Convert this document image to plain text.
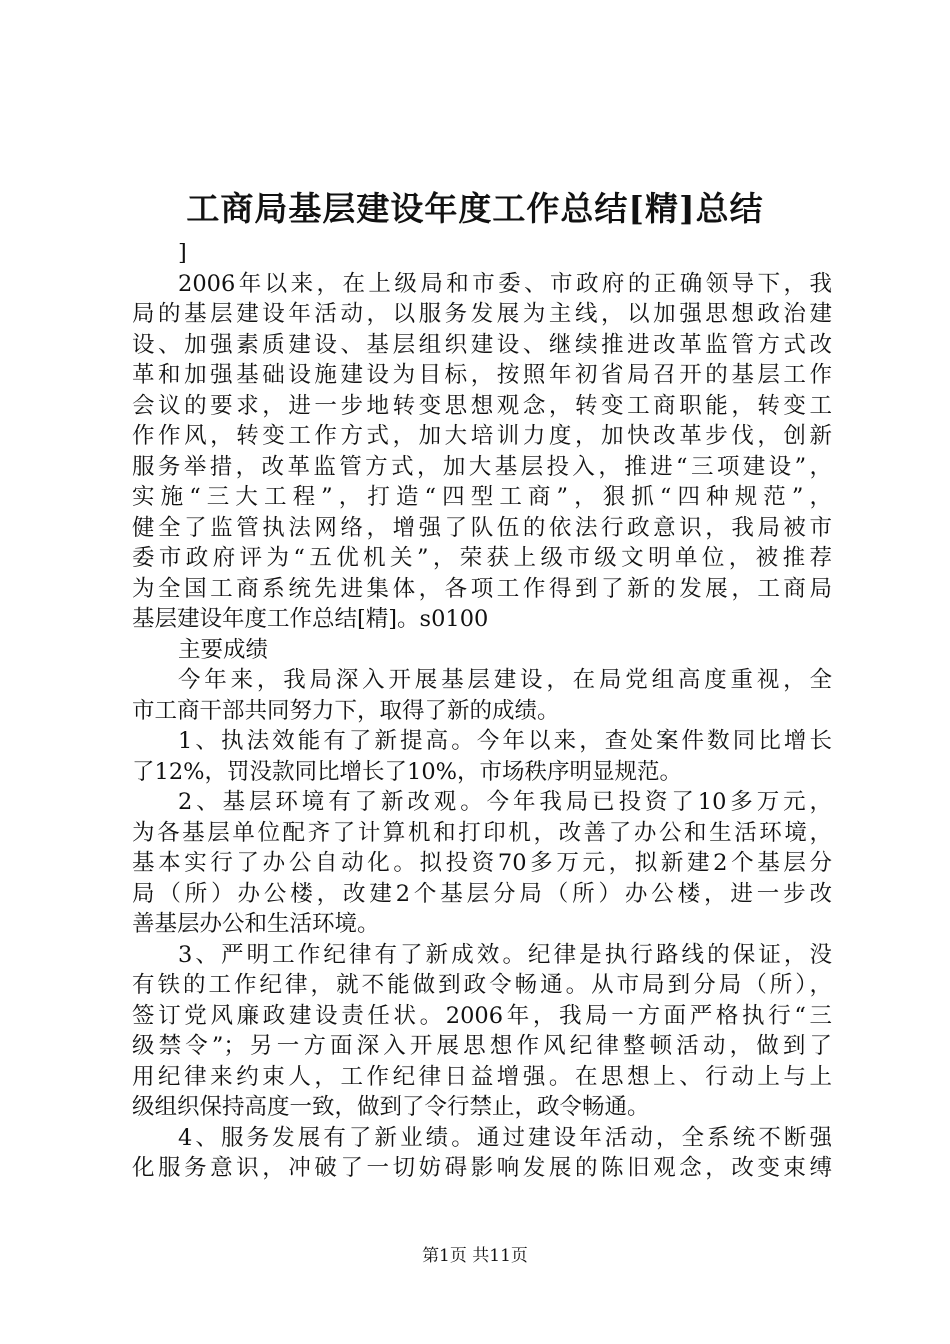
工商局基层建设年度工作总结[精]总结
]
2006年以来，在上级局和市委、市政府的正确领导下，我
局的基层建设年活动，以服务发展为主线，以加强思想政治建
设、加强素质建设、基层组织建设、继续推进改革监管方式改
革和加强基础设施建设为目标，按照年初省局召开的基层工作
会议的要求，进一步地转变思想观念，转变工商职能，转变工
作作风，转变工作方式，加大培训力度，加快改革步伐，创新
服务举措，改革监管方式，加大基层投入，推进“三项建设”，
实施“三大工程”，打造“四型工商”，狠抓“四种规范”，
健全了监管执法网络，增强了队伍的依法行政意识，我局被市
委市政府评为“五优机关”，荣获上级市级文明单位，被推荐
为全国工商系统先进集体，各项工作得到了新的发展，工商局
基层建设年度工作总结[精]。s0100
主要成绩
今年来，我局深入开展基层建设，在局党组高度重视，全
市工商干部共同努力下，取得了新的成绩。
1、执法效能有了新提高。今年以来，查处案件数同比增长
了12%，罚没款同比增长了10%，市场秩序明显规范。
2、基层环境有了新改观。今年我局已投资了10多万元，
为各基层单位配齐了计算机和打印机，改善了办公和生活环境，
基本实行了办公自动化。拟投资70多万元，拟新建2个基层分
局（所）办公楼，改建2个基层分局（所）办公楼，进一步改
善基层办公和生活环境。
3、严明工作纪律有了新成效。纪律是执行路线的保证，没
有铁的工作纪律，就不能做到政令畅通。从市局到分局（所），
签订党风廉政建设责任状。2006年，我局一方面严格执行“三
级禁令”；另一方面深入开展思想作风纪律整顿活动，做到了
用纪律来约束人，工作纪律日益增强。在思想上、行动上与上
级组织保持高度一致，做到了令行禁止，政令畅通。
4、服务发展有了新业绩。通过建设年活动，全系统不断强
化服务意识，冲破了一切妨碍影响发展的陈旧观念，改变束缚
第1页 共11页
